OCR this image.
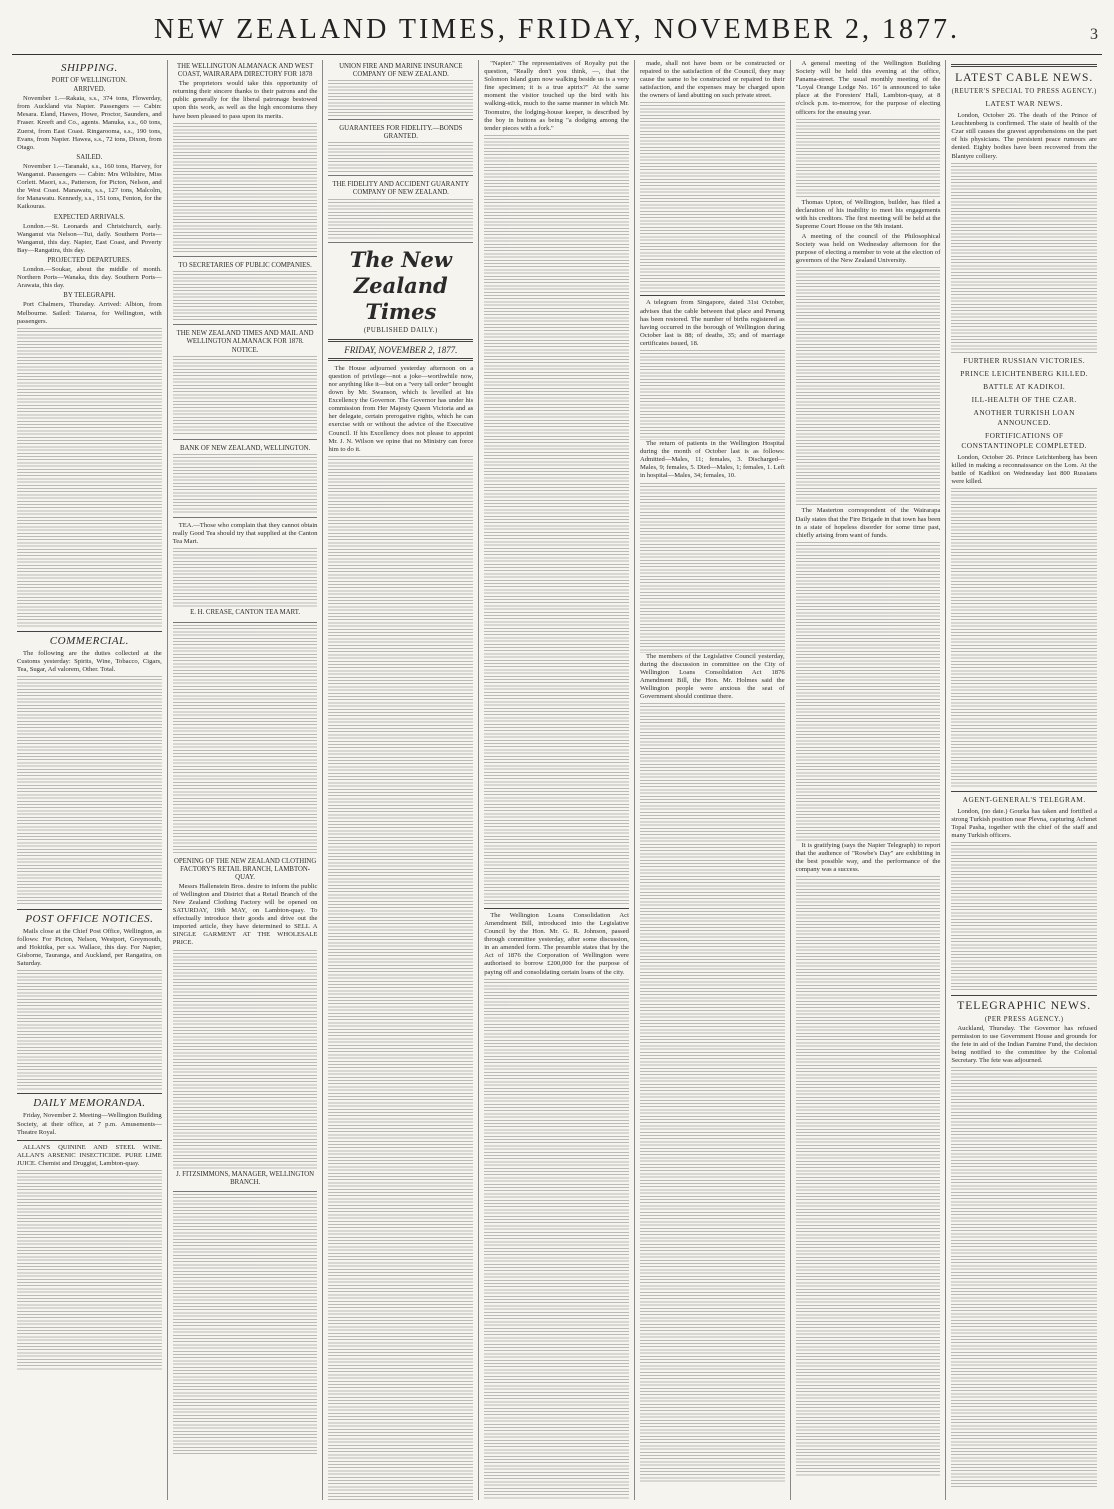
NEW ZEALAND TIMES, FRIDAY, NOVEMBER 2, 1877.	3
SHIPPING.
PORT OF WELLINGTON.
ARRIVED.

November 1.—Rakaia, s.s., 374 tons, Flowerday, from Auckland via Napier. Passengers — Cabin: Mesara. Eland, Hawes, Howe, Proctor, Saunders, and Fraser. Kreeft and Co., agents. Manuka, s.s., 60 tons, Zuerst, from East Coast. Ringarooma, s.s., 190 tons, Evans, from Napier. Hawea, s.s., 72 tons, Dixon, from Otago.

SAILED.

November 1.—Taranaki, s.s., 160 tons, Harvey, for Wanganui. Passengers — Cabin: Mrs Wiltshire, Miss Corlett. Maori, s.s., Patterson, for Picton, Nelson, and the West Coast. Manawatu, s.s., 127 tons, Malcolm, for Manawatu. Kennedy, s.s., 151 tons, Fenton, for the Kaikouras.

EXPECTED ARRIVALS.

London.—St. Leonards and Christchurch, early. Wanganui via Nelson—Tui, daily. Southern Ports—Wanganui, this day. Napier, East Coast, and Poverty Bay—Rangatira, this day.

PROJECTED DEPARTURES.

London.—Soukar, about the middle of month. Northern Ports—Wanaka, this day. Southern Ports—Arawata, this day.

BY TELEGRAPH.

Port Chalmers, Thursday. Arrived: Albion, from Melbourne. Sailed: Taiaroa, for Wellington, with passengers.

COMMERCIAL.

The following are the duties collected at the Customs yesterday: Spirits, Wine, Tobacco, Cigars, Tea, Sugar, Ad valorem, Other. Total.

POST OFFICE NOTICES.

Mails close at the Chief Post Office, Wellington, as follows: For Picton, Nelson, Westport, Greymouth, and Hokitika, per s.s. Wallace, this day. For Napier, Gisborne, Tauranga, and Auckland, per Rangatira, on Saturday.

DAILY MEMORANDA.

Friday, November 2. Meeting—Wellington Building Society, at their office, at 7 p.m. Amusements—Theatre Royal.

ALLAN'S QUININE AND STEEL WINE. ALLAN'S ARSENIC INSECTICIDE. PURE LIME JUICE. Chemist and Druggist, Lambton-quay.

THE WELLINGTON ALMANACK AND WEST COAST, WAIRARAPA DIRECTORY FOR 1878

The proprietors would take this opportunity of returning their sincere thanks to their patrons and the public generally for the liberal patronage bestowed upon this work, as well as the high encomiums they have been pleased to pass upon its merits.

TO SECRETARIES OF PUBLIC COMPANIES.
THE NEW ZEALAND TIMES AND MAIL AND WELLINGTON ALMANACK FOR 1878.
NOTICE.
BANK OF NEW ZEALAND, WELLINGTON.

TEA.—Those who complain that they cannot obtain really Good Tea should try that supplied at the Canton Tea Mart.

E. H. CREASE, CANTON TEA MART.
OPENING OF THE NEW ZEALAND CLOTHING FACTORY'S RETAIL BRANCH, LAMBTON-QUAY.

Messrs Hallenstein Bros. desire to inform the public of Wellington and District that a Retail Branch of the New Zealand Clothing Factory will be opened on SATURDAY, 19th MAY, on Lambton-quay. To effectually introduce their goods and drive out the imported article, they have determined to SELL A SINGLE GARMENT AT THE WHOLESALE PRICE.

J. FITZSIMMONS, MANAGER, WELLINGTON BRANCH.
UNION FIRE AND MARINE INSURANCE COMPANY OF NEW ZEALAND.
GUARANTEES FOR FIDELITY.—BONDS GRANTED.
THE FIDELITY AND ACCIDENT GUARANTY COMPANY OF NEW ZEALAND.
The New Zealand Times
(PUBLISHED DAILY.)
FRIDAY, NOVEMBER 2, 1877.

The House adjourned yesterday afternoon on a question of privilege—not a joke—worthwhile now, nor anything like it—but on a "very tall order" brought down by Mr. Swanson, which is levelled at his Excellency the Governor. The Governor has under his commission from Her Majesty Queen Victoria and as her delegate, certain prerogative rights, which he can exercise with or without the advice of the Executive Council. If his Excellency does not please to appoint Mr. J. N. Wilson we opine that no Ministry can force him to do it.

"Napier." The representatives of Royalty put the question, "Really don't you think, —, that the Solomon Island gum now walking beside us is a very fine specimen; it is a true aptrix?" At the same moment the visitor touched up the bird with his walking-stick, much to the same manner in which Mr. Toomutre, the lodging-house keeper, is described by the boy in buttons as being "a dodging among the tender pieces with a fork."

The Wellington Loans Consolidation Act Amendment Bill, introduced into the Legislative Council by the Hon. Mr. G. R. Johnson, passed through committee yesterday, after some discussion, in an amended form. The preamble states that by the Act of 1876 the Corporation of Wellington were authorised to borrow £200,000 for the purpose of paying off and consolidating certain loans of the city.

made, shall not have been or be constructed or repaired to the satisfaction of the Council, they may cause the same to be constructed or repaired to their satisfaction, and the expenses may be charged upon the owners of land abutting on such private street.

A telegram from Singapore, dated 31st October, advises that the cable between that place and Penang has been restored. The number of births registered as having occurred in the borough of Wellington during October last is 88; of deaths, 35; and of marriage certificates issued, 18.

The return of patients in the Wellington Hospital during the month of October last is as follows: Admitted—Males, 11; females, 3. Discharged—Males, 9; females, 5. Died—Males, 1; females, 1. Left in hospital—Males, 34; females, 10.

The members of the Legislative Council yesterday, during the discussion in committee on the City of Wellington Loans Consolidation Act 1876 Amendment Bill, the Hon. Mr. Holmes said the Wellington people were anxious the seat of Government should continue there.

A general meeting of the Wellington Building Society will be held this evening at the office, Panama-street. The usual monthly meeting of the "Loyal Orange Lodge No. 16" is announced to take place at the Foresters' Hall, Lambton-quay, at 8 o'clock p.m. to-morrow, for the purpose of electing officers for the ensuing year.

Thomas Upton, of Wellington, builder, has filed a declaration of his inability to meet his engagements with his creditors. The first meeting will be held at the Supreme Court House on the 9th instant.

A meeting of the council of the Philosophical Society was held on Wednesday afternoon for the purpose of electing a member to vote at the election of governors of the New Zealand University.

The Masterton correspondent of the Wairarapa Daily states that the Fire Brigade in that town has been in a state of hopeless disorder for some time past, chiefly arising from want of funds.

It is gratifying (says the Napier Telegraph) to report that the audience of "Rowbe's Day" are exhibiting in the best possible way, and the performance of the company was a success.

LATEST CABLE NEWS.
(REUTER'S SPECIAL TO PRESS AGENCY.)
LATEST WAR NEWS.

London, October 26. The death of the Prince of Leuchtenberg is confirmed. The state of health of the Czar still causes the gravest apprehensions on the part of his physicians. The persistent peace rumours are denied. Eighty bodies have been recovered from the Blantyre colliery.

FURTHER RUSSIAN VICTORIES.
PRINCE LEICHTENBERG KILLED.
BATTLE AT KADIKOI.
ILL-HEALTH OF THE CZAR.
ANOTHER TURKISH LOAN ANNOUNCED.
FORTIFICATIONS OF CONSTANTINOPLE COMPLETED.

London, October 26. Prince Leichtenberg has been killed in making a reconnaissance on the Lom. At the battle of Kadikoi on Wednesday last 800 Russians were killed.

AGENT-GENERAL'S TELEGRAM.

London, (no date.) Gourka has taken and fortified a strong Turkish position near Plevna, capturing Achmet Topal Pasha, together with the chief of the staff and many Turkish officers.

TELEGRAPHIC NEWS.
(PER PRESS AGENCY.)

Auckland, Thursday. The Governor has refused permission to use Government House and grounds for the fete in aid of the Indian Famine Fund, the decision being notified to the committee by the Colonial Secretary. The fete was adjourned.
